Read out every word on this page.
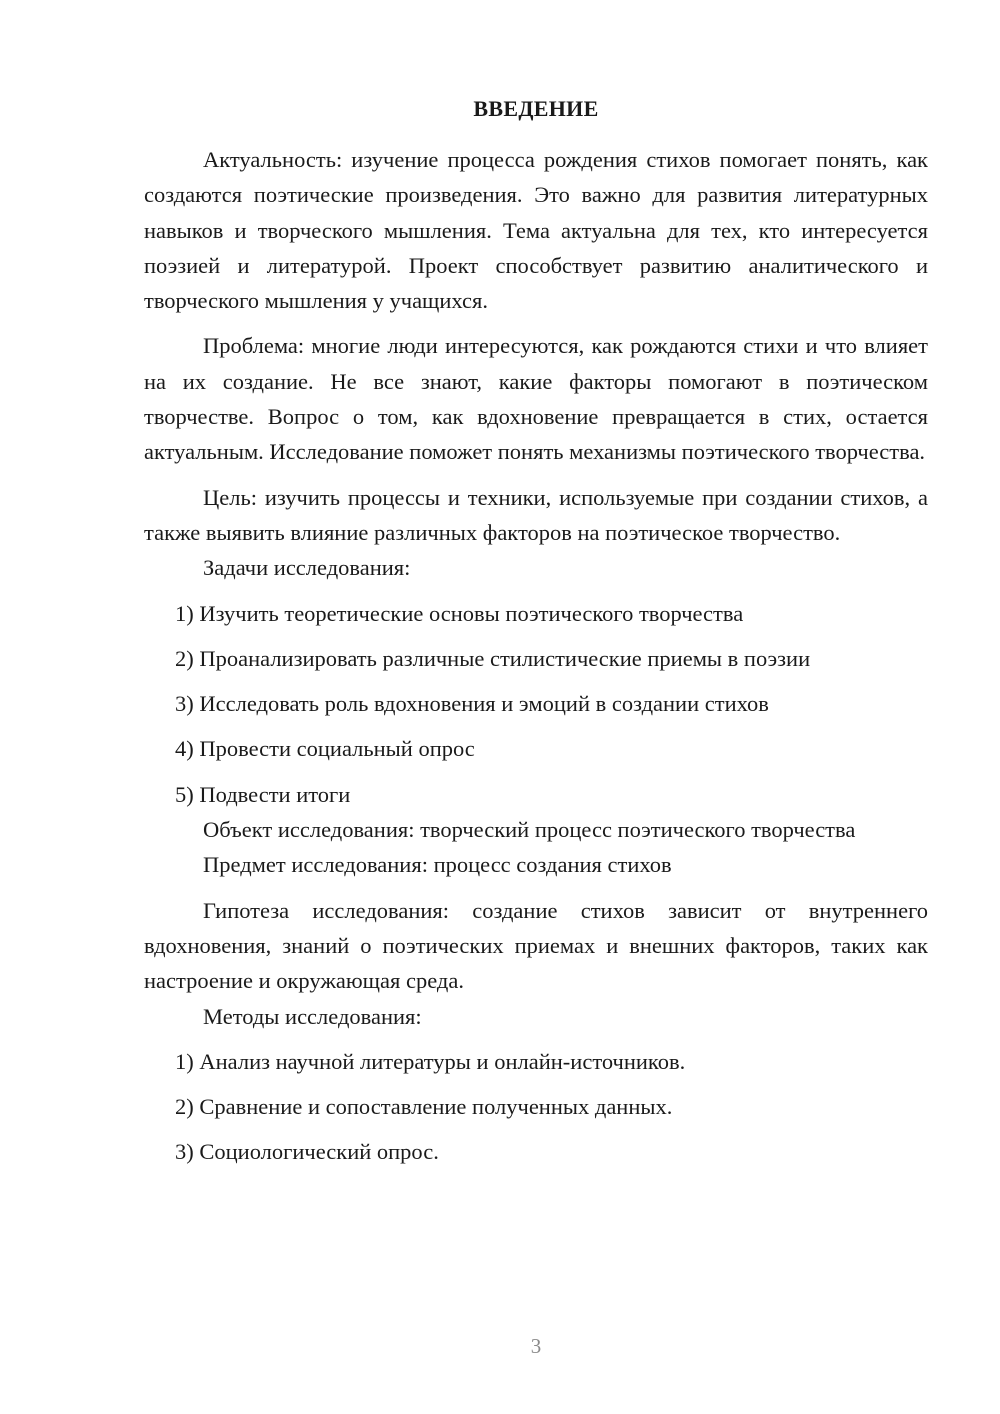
ВВЕДЕНИЕ

Актуальность: изучение процесса рождения стихов помогает понять, как создаются поэтические произведения. Это важно для развития литературных навыков и творческого мышления. Тема актуальна для тех, кто интересуется поэзией и литературой. Проект способствует развитию аналитического и творческого мышления у учащихся.

Проблема: многие люди интересуются, как рождаются стихи и что влияет на их создание. Не все знают, какие факторы помогают в поэтическом творчестве. Вопрос о том, как вдохновение превращается в стих, остается актуальным. Исследование поможет понять механизмы поэтического творчества.

Цель: изучить процессы и техники, используемые при создании стихов, а также выявить влияние различных факторов на поэтическое творчество.

Задачи исследования:

1) Изучить теоретические основы поэтического творчества

2) Проанализировать различные стилистические приемы в поэзии

3) Исследовать роль вдохновения и эмоций в создании стихов

4) Провести социальный опрос

5) Подвести итоги

Объект исследования: творческий процесс поэтического творчества

Предмет исследования: процесс создания стихов

Гипотеза исследования: создание стихов зависит от внутреннего вдохновения, знаний о поэтических приемах и внешних факторов, таких как настроение и окружающая среда.

Методы исследования:

1) Анализ научной литературы и онлайн-источников.

2) Сравнение и сопоставление полученных данных.

3) Социологический опрос.

3
